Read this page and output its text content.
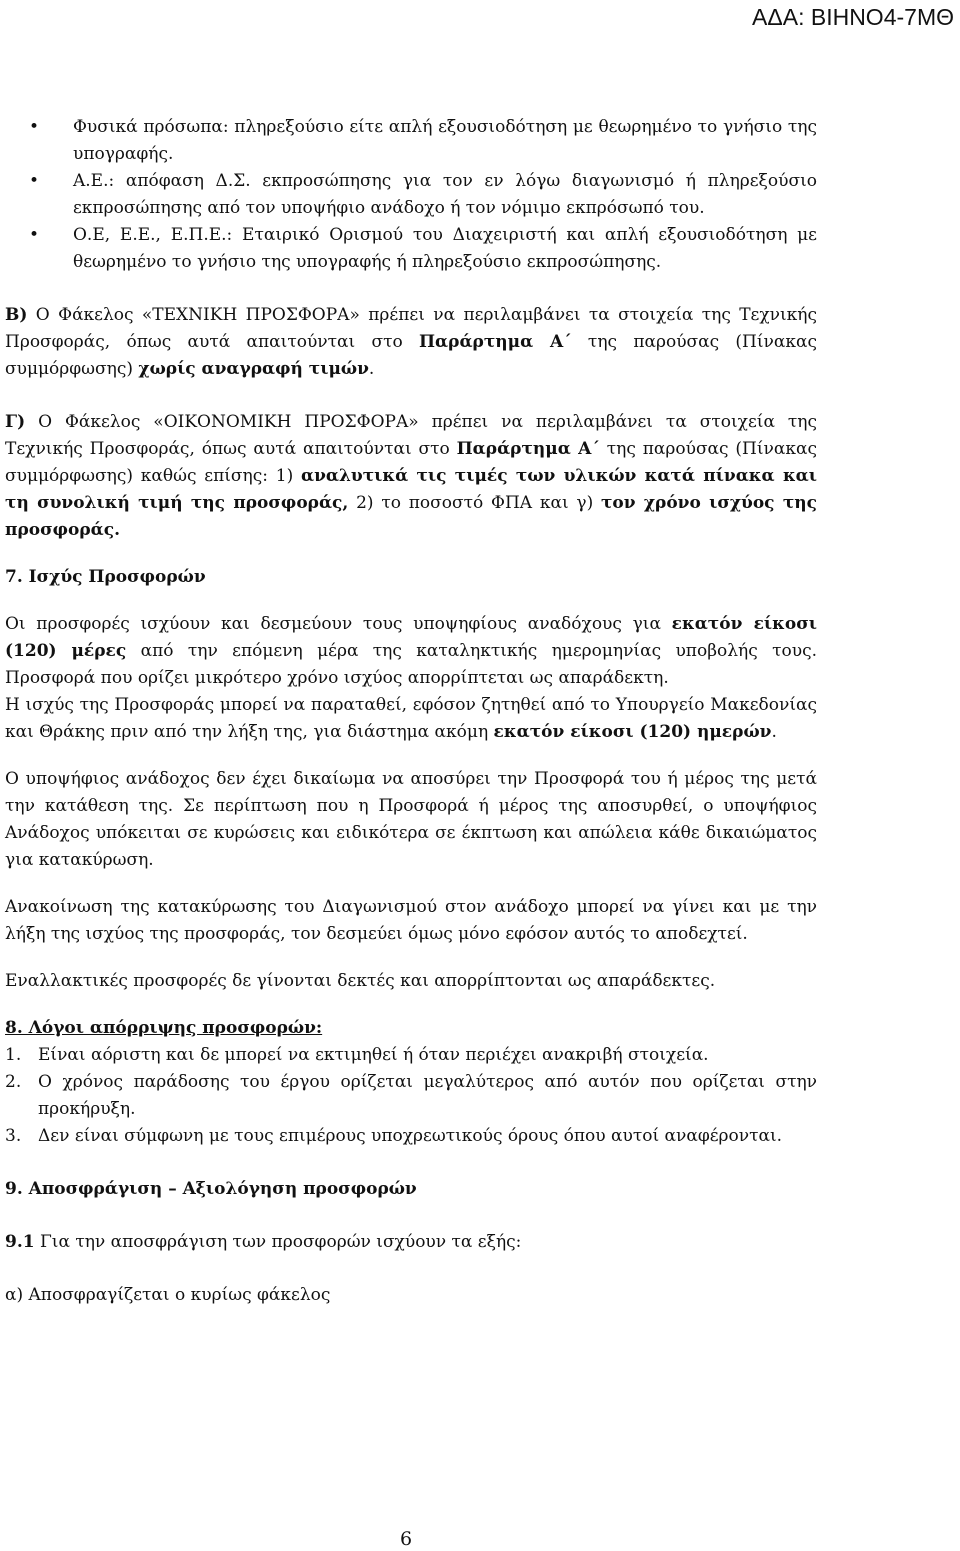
ΑΔΑ: ΒΙΗΝΟ4-7ΜΘ
• Φυσικά πρόσωπα: πληρεξούσιο είτε απλή εξουσιοδότηση με θεωρημένο το γνήσιο της υπογραφής.
• Α.Ε.: απόφαση Δ.Σ. εκπροσώπησης για τον εν λόγω διαγωνισμό ή πληρεξούσιο εκπροσώπησης από τον υποψήφιο ανάδοχο ή τον νόμιμο εκπρόσωπό του.
• Ο.Ε, Ε.Ε., Ε.Π.Ε.: Εταιρικό Ορισμού του Διαχειριστή και απλή εξουσιοδότηση με θεωρημένο το γνήσιο της υπογραφής ή πληρεξούσιο εκπροσώπησης.

Β) Ο Φάκελος «ΤΕΧΝΙΚΗ ΠΡΟΣΦΟΡΑ» πρέπει να περιλαμβάνει τα στοιχεία της Τεχνικής Προσφοράς, όπως αυτά απαιτούνται στο Παράρτημα Α΄ της παρούσας (Πίνακας συμμόρφωσης) χωρίς αναγραφή τιμών.

Γ) Ο Φάκελος «ΟΙΚΟΝΟΜΙΚΗ ΠΡΟΣΦΟΡΑ» πρέπει να περιλαμβάνει τα στοιχεία της Τεχνικής Προσφοράς, όπως αυτά απαιτούνται στο Παράρτημα Α΄ της παρούσας (Πίνακας συμμόρφωσης) καθώς επίσης: 1) αναλυτικά τις τιμές των υλικών κατά πίνακα και τη συνολική τιμή της προσφοράς, 2) το ποσοστό ΦΠΑ και γ) τον χρόνο ισχύος της προσφοράς.

7. Ισχύς Προσφορών

Οι προσφορές ισχύουν και δεσμεύουν τους υποψηφίους αναδόχους για εκατόν είκοσι (120) μέρες από την επόμενη μέρα της καταληκτικής ημερομηνίας υποβολής τους. Προσφορά που ορίζει μικρότερο χρόνο ισχύος απορρίπτεται ως απαράδεκτη.

Η ισχύς της Προσφοράς μπορεί να παραταθεί, εφόσον ζητηθεί από το Υπουργείο Μακεδονίας και Θράκης πριν από την λήξη της, για διάστημα ακόμη εκατόν είκοσι (120) ημερών.

Ο υποψήφιος ανάδοχος δεν έχει δικαίωμα να αποσύρει την Προσφορά του ή μέρος της μετά την κατάθεση της. Σε περίπτωση που η Προσφορά ή μέρος της αποσυρθεί, ο υποψήφιος Ανάδοχος υπόκειται σε κυρώσεις και ειδικότερα σε έκπτωση και απώλεια κάθε δικαιώματος για κατακύρωση.

Ανακοίνωση της κατακύρωσης του Διαγωνισμού στον ανάδοχο μπορεί να γίνει και με την λήξη της ισχύος της προσφοράς, τον δεσμεύει όμως μόνο εφόσον αυτός το αποδεχτεί.

Εναλλακτικές προσφορές δε γίνονται δεκτές και απορρίπτονται ως απαράδεκτες.

8. Λόγοι απόρριψης προσφορών:

1. Είναι αόριστη και δε μπορεί να εκτιμηθεί ή όταν περιέχει ανακριβή στοιχεία.
2. Ο χρόνος παράδοσης του έργου ορίζεται μεγαλύτερος από αυτόν που ορίζεται στην προκήρυξη.
3. Δεν είναι σύμφωνη με τους επιμέρους υποχρεωτικούς όρους όπου αυτοί αναφέρονται.

9. Αποσφράγιση – Αξιολόγηση προσφορών

9.1 Για την αποσφράγιση των προσφορών ισχύουν τα εξής:

α) Αποσφραγίζεται ο κυρίως φάκελος

6
